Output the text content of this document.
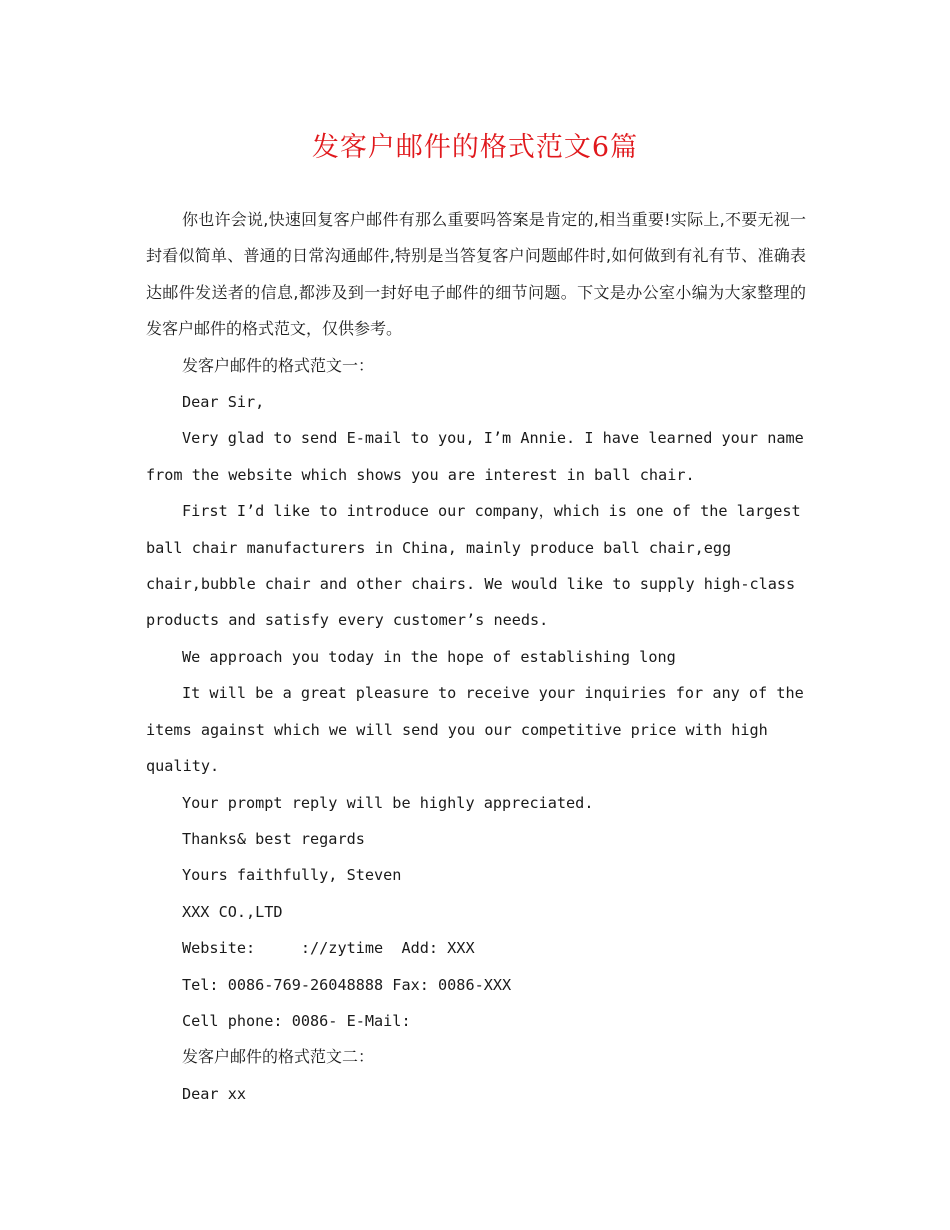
发客户邮件的格式范文6篇

你也许会说,快速回复客户邮件有那么重要吗答案是肯定的,相当重要!实际上,不要无视一封看似简单、普通的日常沟通邮件,特别是当答复客户问题邮件时,如何做到有礼有节、准确表达邮件发送者的信息,都涉及到一封好电子邮件的细节问题。下文是办公室小编为大家整理的发客户邮件的格式范文，仅供参考。

发客户邮件的格式范文一：

Dear Sir,

Very glad to send E-mail to you, I’m Annie. I have learned your name from the website which shows you are interest in ball chair.

First I’d like to introduce our company，which is one of the largest ball chair manufacturers in China, mainly produce ball chair,egg chair,bubble chair and other chairs. We would like to supply high-class products and satisfy every customer’s needs.

We approach you today in the hope of establishing long

It will be a great pleasure to receive your inquiries for any of the items against which we will send you our competitive price with high quality.

Your prompt reply will be highly appreciated.

Thanks& best regards

Yours faithfully, Steven

XXX CO.,LTD

Website:     ://zytime  Add: XXX

Tel: 0086-769-26048888 Fax: 0086-XXX

Cell phone: 0086- E-Mail:

发客户邮件的格式范文二：

Dear xx
